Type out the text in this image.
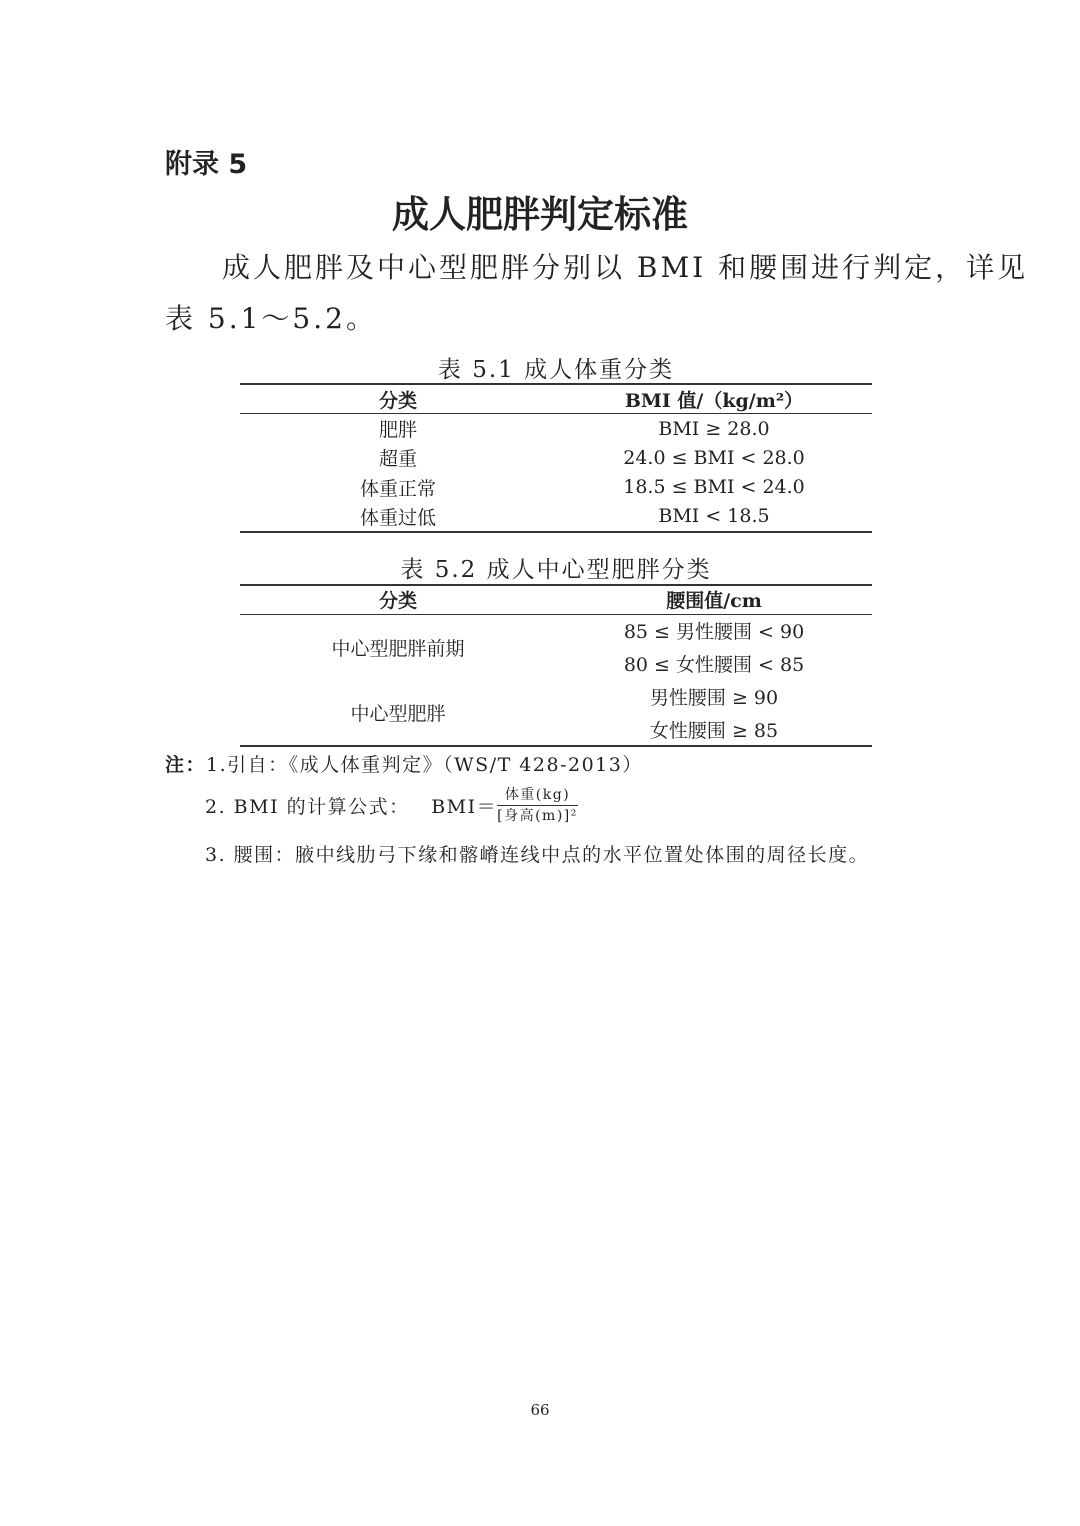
附录 5
成人肥胖判定标准
成人肥胖及中心型肥胖分别以 BMI 和腰围进行判定，详见
表 5.1～5.2。
表 5.1 成人体重分类
分类	BMI 值/（kg/m²）
肥胖	BMI ≥ 28.0
超重	24.0 ≤ BMI < 28.0
体重正常	18.5 ≤ BMI < 24.0
体重过低	BMI < 18.5
表 5.2 成人中心型肥胖分类
分类	腰围值/cm
中心型肥胖前期	85 ≤ 男性腰围 < 90
	80 ≤ 女性腰围 < 85
中心型肥胖	男性腰围 ≥ 90
	女性腰围 ≥ 85
注：1.引自：《成人体重判定》（WS/T 428-2013）
2. BMI 的计算公式： $BMI= \frac{\text{体重(kg)}}{\text{[身高(m)]²}}$
3. 腰围：腋中线肋弓下缘和髂嵴连线中点的水平位置处体围的周径长度。
66
